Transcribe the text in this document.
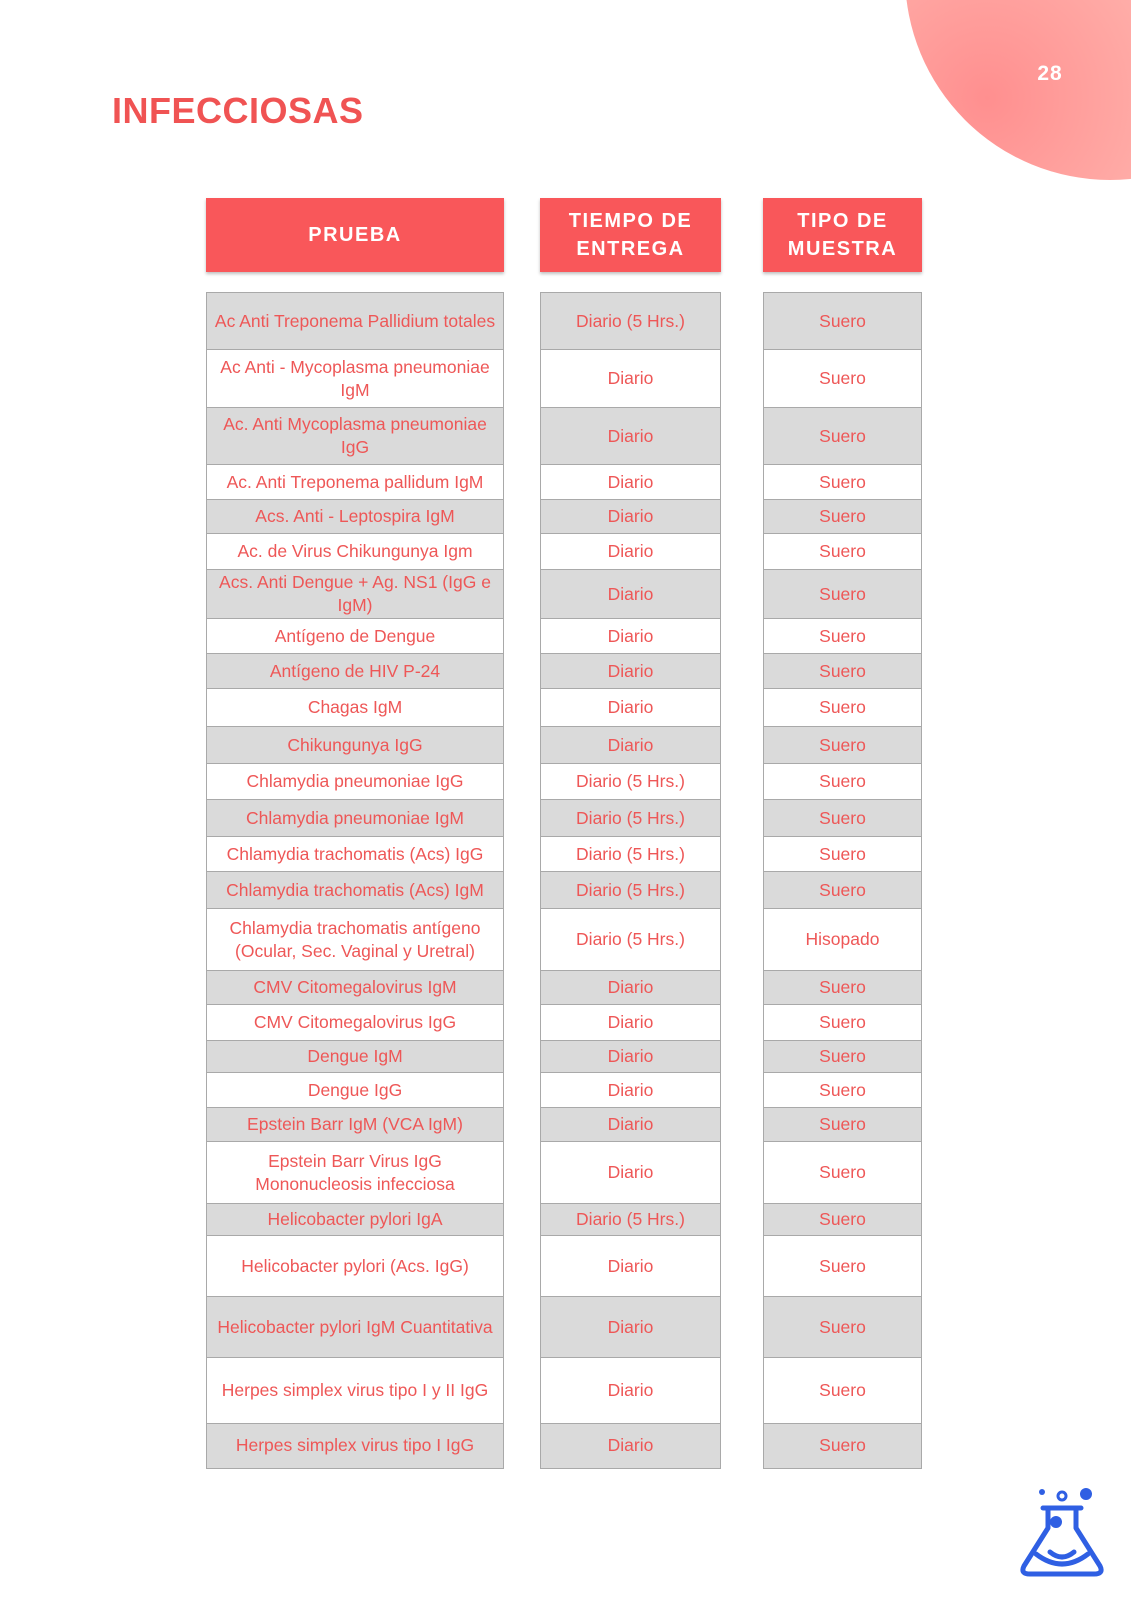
28
INFECCIOSAS
PRUEBA
TIEMPO DE
ENTREGA
TIPO DE
MUESTRA
Ac Anti Treponema Pallidium totales
Ac Anti - Mycoplasma pneumoniae IgM
Ac. Anti Mycoplasma pneumoniae IgG
Ac. Anti Treponema pallidum IgM
Acs. Anti - Leptospira IgM
Ac. de Virus Chikungunya Igm
Acs. Anti Dengue + Ag. NS1 (IgG e IgM)
Antígeno de Dengue
Antígeno de HIV P-24
Chagas IgM
Chikungunya IgG
Chlamydia pneumoniae IgG
Chlamydia pneumoniae IgM
Chlamydia trachomatis (Acs) IgG
Chlamydia trachomatis (Acs) IgM
Chlamydia trachomatis antígeno (Ocular, Sec. Vaginal y Uretral)
CMV Citomegalovirus IgM
CMV Citomegalovirus IgG
Dengue IgM
Dengue IgG
Epstein Barr IgM (VCA IgM)
Epstein Barr Virus IgG Mononucleosis infecciosa
Helicobacter pylori IgA
Helicobacter pylori (Acs. IgG)
Helicobacter pylori IgM Cuantitativa
Herpes simplex virus tipo I y II IgG
Herpes simplex virus tipo I IgG
Diario (5 Hrs.)
Diario
Diario
Diario
Diario
Diario
Diario
Diario
Diario
Diario
Diario
Diario (5 Hrs.)
Diario (5 Hrs.)
Diario (5 Hrs.)
Diario (5 Hrs.)
Diario (5 Hrs.)
Diario
Diario
Diario
Diario
Diario
Diario
Diario (5 Hrs.)
Diario
Diario
Diario
Diario
Suero
Suero
Suero
Suero
Suero
Suero
Suero
Suero
Suero
Suero
Suero
Suero
Suero
Suero
Suero
Hisopado
Suero
Suero
Suero
Suero
Suero
Suero
Suero
Suero
Suero
Suero
Suero
